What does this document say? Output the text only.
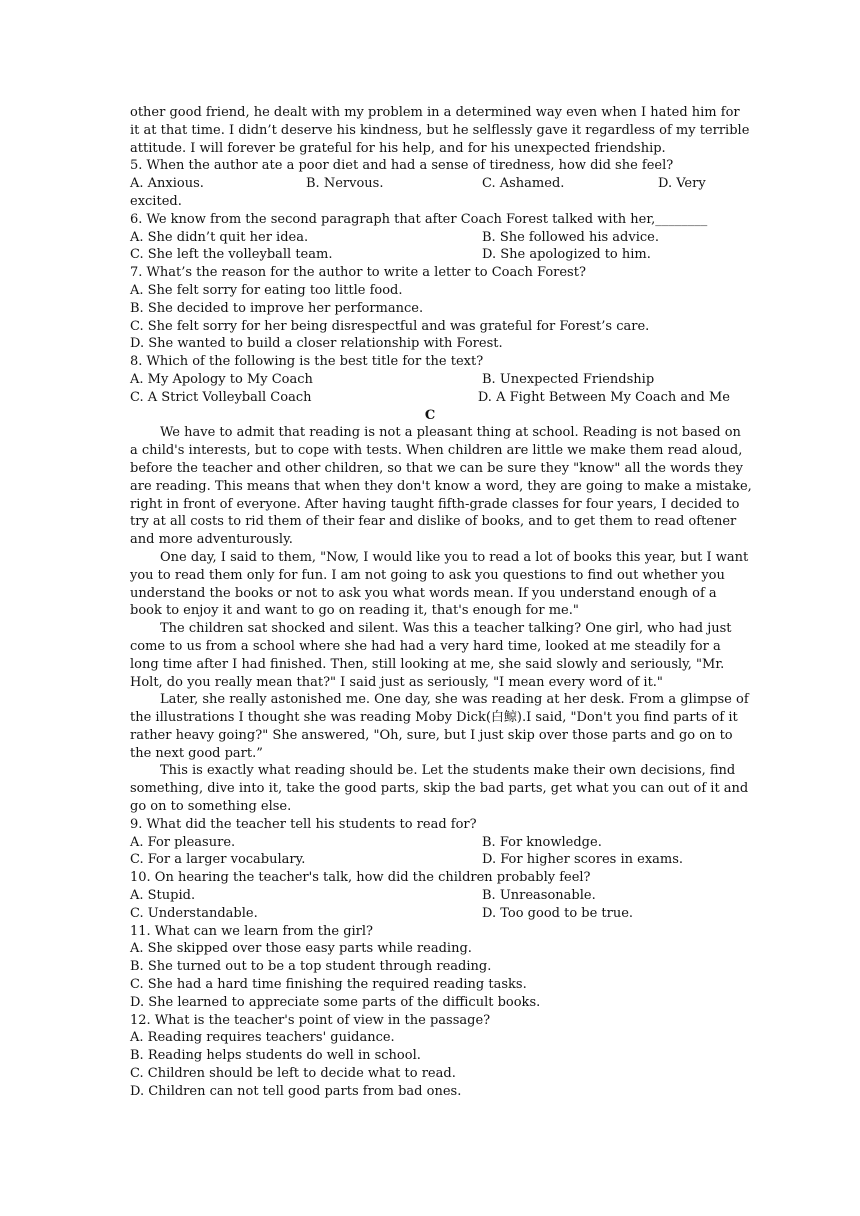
other good friend, he dealt with my problem in a determined way even when I hated him for
it at that time. I didn’t deserve his kindness, but he selflessly gave it regardless of my terrible
attitude. I will forever be grateful for his help, and for his unexpected friendship.
5. When the author ate a poor diet and had a sense of tiredness, how did she feel?
A. Anxious.	B. Nervous.	C. Ashamed.	D. Very
excited.
6. We know from the second paragraph that after Coach Forest talked with her,________
A. She didn’t quit her idea.	B. She followed his advice.
C. She left the volleyball team.	D. She apologized to him.
7. What’s the reason for the author to write a letter to Coach Forest?
A. She felt sorry for eating too little food.
B. She decided to improve her performance.
C. She felt sorry for her being disrespectful and was grateful for Forest’s care.
D. She wanted to build a closer relationship with Forest.
8. Which of the following is the best title for the text?
A. My Apology to My Coach	B. Unexpected Friendship
C. A Strict Volleyball Coach	D. A Fight Between My Coach and Me
C
We have to admit that reading is not a pleasant thing at school. Reading is not based on
a child's interests, but to cope with tests. When children are little we make them read aloud,
before the teacher and other children, so that we can be sure they "know" all the words they
are reading. This means that when they don't know a word, they are going to make a mistake,
right in front of everyone. After having taught fifth-grade classes for four years, I decided to
try at all costs to rid them of their fear and dislike of books, and to get them to read oftener
and more adventurously.
One day, I said to them, "Now, I would like you to read a lot of books this year, but I want
you to read them only for fun. I am not going to ask you questions to find out whether you
understand the books or not to ask you what words mean. If you understand enough of a
book to enjoy it and want to go on reading it, that's enough for me."
The children sat shocked and silent. Was this a teacher talking? One girl, who had just
come to us from a school where she had had a very hard time, looked at me steadily for a
long time after I had finished. Then, still looking at me, she said slowly and seriously, "Mr.
Holt, do you really mean that?" I said just as seriously, "I mean every word of it."
Later, she really astonished me. One day, she was reading at her desk. From a glimpse of
the illustrations I thought she was reading Moby Dick(白鲸).I said, "Don't you find parts of it
rather heavy going?" She answered, "Oh, sure, but I just skip over those parts and go on to
the next good part.”
This is exactly what reading should be. Let the students make their own decisions, find
something, dive into it, take the good parts, skip the bad parts, get what you can out of it and
go on to something else.
9. What did the teacher tell his students to read for?
A. For pleasure.	B. For knowledge.
C. For a larger vocabulary.	D. For higher scores in exams.
10. On hearing the teacher's talk, how did the children probably feel?
A. Stupid.	B. Unreasonable.
C. Understandable.	D. Too good to be true.
11. What can we learn from the girl?
A. She skipped over those easy parts while reading.
B. She turned out to be a top student through reading.
C. She had a hard time finishing the required reading tasks.
D. She learned to appreciate some parts of the difficult books.
12. What is the teacher's point of view in the passage?
A. Reading requires teachers' guidance.
B. Reading helps students do well in school.
C. Children should be left to decide what to read.
D. Children can not tell good parts from bad ones.
